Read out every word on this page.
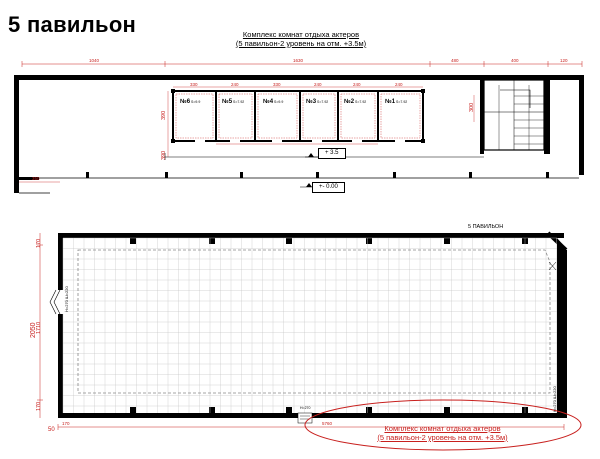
5 павильон	Комплекс комнат отдыха актеров
(5 павильон-2 уровень на отм. +3.5м)
1040	1630	480	400	120
330	240	330	240	240	240
390
390
300
№6S=9.9	№5S=7.92	№4S=9.9	№3S=7.92	№2S=7.92	№1S=7.92
+ 3.5
+- 0.00
350
5 ПАВИЛЬОН
2050
170
1710
170
50
5760
170
Н=270 Ш=220
Н=270 Ш=220
Н=270
Комплекс комнат отдыха актеров
(5 павильон-2 уровень на отм. +3.5м)
